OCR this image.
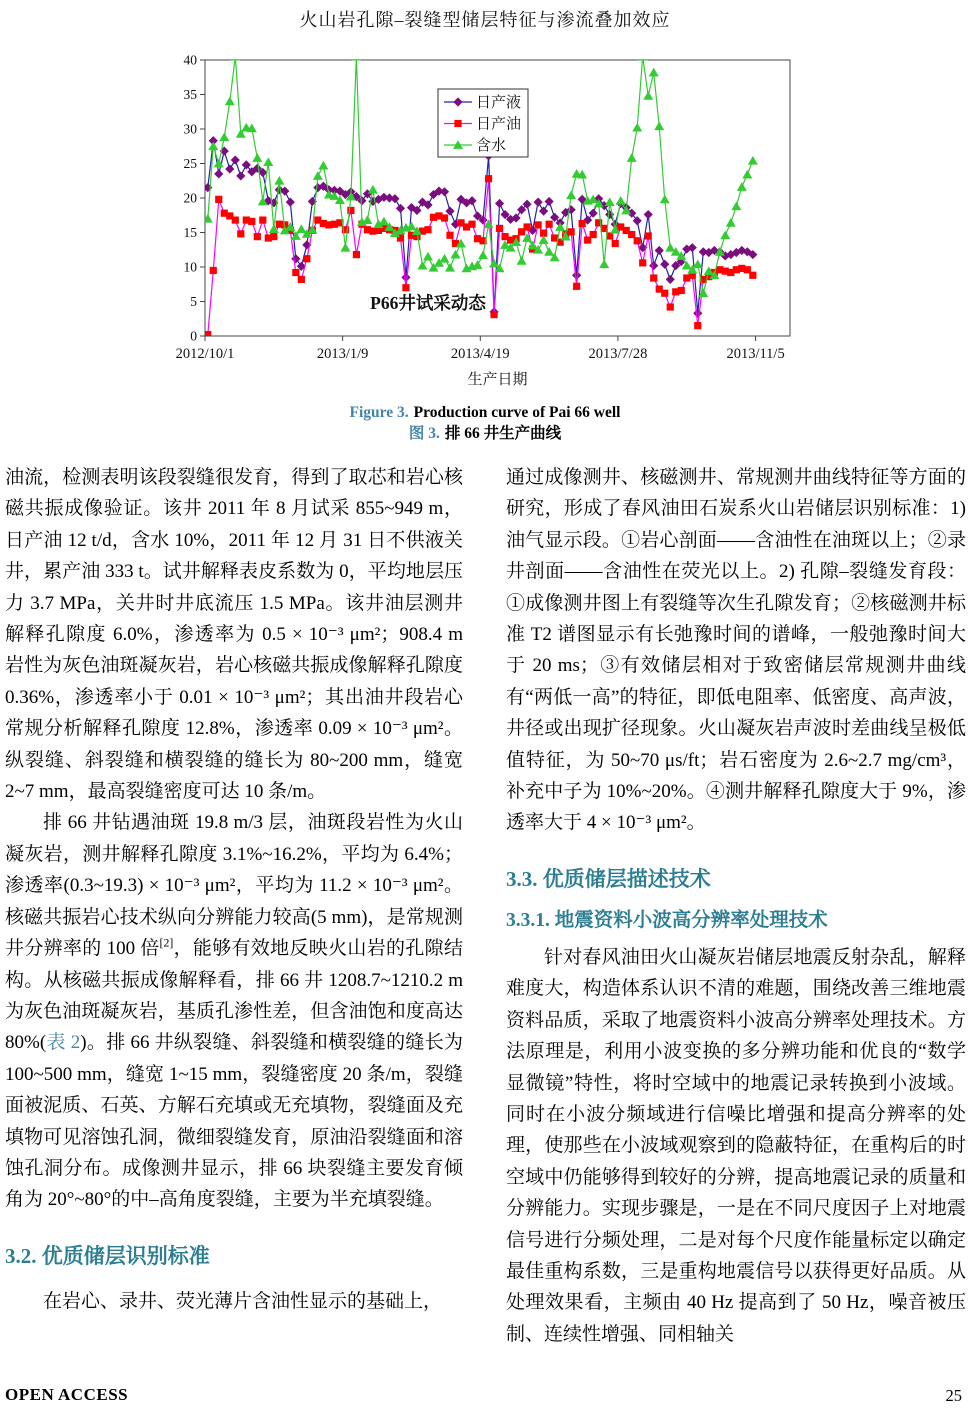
火山岩孔隙–裂缝型储层特征与渗流叠加效应
0
5
10
15
20
25
30
35
40
2012/10/1	2013/1/9	2013/4/19	2013/7/28	2013/11/5
生产日期
P66井试采动态
日产液
日产油
含水
Figure 3. Production curve of Pai 66 well
图 3. 排 66 井生产曲线

油流，检测表明该段裂缝很发育，得到了取芯和岩心核磁共振成像验证。该井 2011 年 8 月试采 855~949 m，日产油 12 t/d，含水 10%，2011 年 12 月 31 日不供液关井，累产油 333 t。试井解释表皮系数为 0，平均地层压力 3.7 MPa，关井时井底流压 1.5 MPa。该井油层测井解释孔隙度 6.0%，渗透率为 0.5 × 10⁻³ μm²；908.4 m 岩性为灰色油斑凝灰岩，岩心核磁共振成像解释孔隙度 0.36%，渗透率小于 0.01 × 10⁻³ μm²；其出油井段岩心常规分析解释孔隙度 12.8%，渗透率 0.09 × 10⁻³ μm²。纵裂缝、斜裂缝和横裂缝的缝长为 80~200 mm，缝宽 2~7 mm，最高裂缝密度可达 10 条/m。

排 66 井钻遇油斑 19.8 m/3 层，油斑段岩性为火山凝灰岩，测井解释孔隙度 3.1%~16.2%，平均为 6.4%；渗透率(0.3~19.3) × 10⁻³ μm²，平均为 11.2 × 10⁻³ μm²。核磁共振岩心技术纵向分辨能力较高(5 mm)，是常规测井分辨率的 100 倍[2]，能够有效地反映火山岩的孔隙结构。从核磁共振成像解释看，排 66 井 1208.7~1210.2 m 为灰色油斑凝灰岩，基质孔渗性差，但含油饱和度高达 80%(表 2)。排 66 井纵裂缝、斜裂缝和横裂缝的缝长为 100~500 mm，缝宽 1~15 mm，裂缝密度 20 条/m，裂缝面被泥质、石英、方解石充填或无充填物，裂缝面及充填物可见溶蚀孔洞，微细裂缝发育，原油沿裂缝面和溶蚀孔洞分布。成像测井显示，排 66 块裂缝主要发育倾角为 20°~80°的中–高角度裂缝，主要为半充填裂缝。

3.2. 优质储层识别标准

在岩心、录井、荧光薄片含油性显示的基础上，

通过成像测井、核磁测井、常规测井曲线特征等方面的研究，形成了春风油田石炭系火山岩储层识别标准：1) 油气显示段。①岩心剖面——含油性在油斑以上；②录井剖面——含油性在荧光以上。2) 孔隙–裂缝发育段：①成像测井图上有裂缝等次生孔隙发育；②核磁测井标准 T2 谱图显示有长弛豫时间的谱峰，一般弛豫时间大于 20 ms；③有效储层相对于致密储层常规测井曲线有“两低一高”的特征，即低电阻率、低密度、高声波，井径或出现扩径现象。火山凝灰岩声波时差曲线呈极低值特征，为 50~70 μs/ft；岩石密度为 2.6~2.7 mg/cm³，补充中子为 10%~20%。④测井解释孔隙度大于 9%，渗透率大于 4 × 10⁻³ μm²。

3.3. 优质储层描述技术
3.3.1. 地震资料小波高分辨率处理技术

针对春风油田火山凝灰岩储层地震反射杂乱，解释难度大，构造体系认识不清的难题，围绕改善三维地震资料品质，采取了地震资料小波高分辨率处理技术。方法原理是，利用小波变换的多分辨功能和优良的“数学显微镜”特性，将时空域中的地震记录转换到小波域。同时在小波分频域进行信噪比增强和提高分辨率的处理，使那些在小波域观察到的隐蔽特征，在重构后的时空域中仍能够得到较好的分辨，提高地震记录的质量和分辨能力。实现步骤是，一是在不同尺度因子上对地震信号进行分频处理，二是对每个尺度作能量标定以确定最佳重构系数，三是重构地震信号以获得更好品质。从处理效果看，主频由 40 Hz 提高到了 50 Hz，噪音被压制、连续性增强、同相轴关

OPEN ACCESS	25
